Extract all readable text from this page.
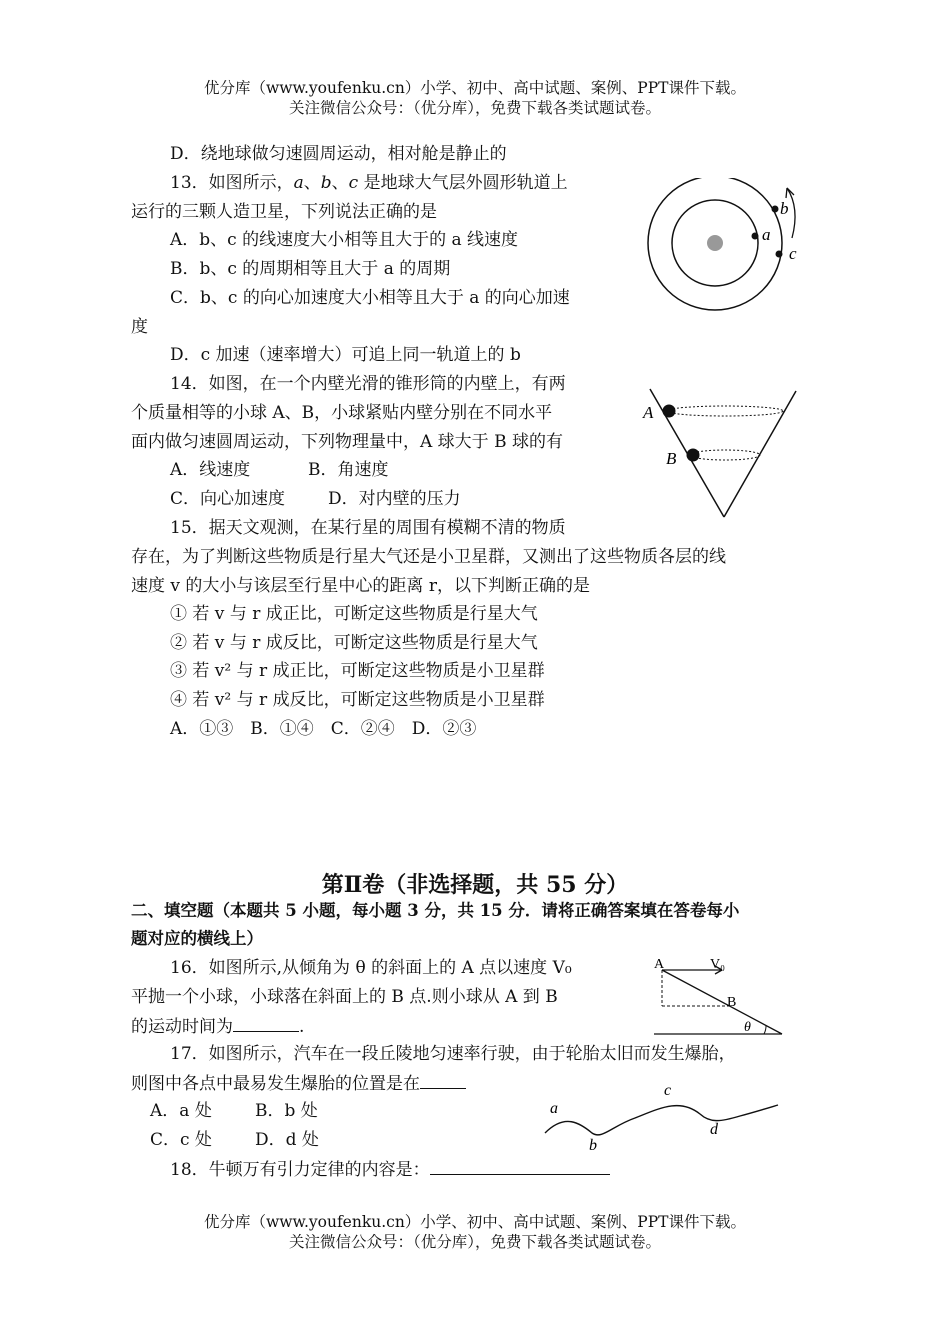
优分库（www.youfenku.cn）小学、初中、高中试题、案例、PPT课件下载。
关注微信公众号：（优分库），免费下载各类试题试卷。
D．绕地球做匀速圆周运动，相对舱是静止的
13．如图所示，a、b、c 是地球大气层外圆形轨道上
运行的三颗人造卫星，下列说法正确的是
A．b、c 的线速度大小相等且大于的 a 线速度
B．b、c 的周期相等且大于 a 的周期
C．b、c 的向心加速度大小相等且大于 a 的向心加速
度
D．c 加速（速率增大）可追上同一轨道上的 b
a
b
c
14．如图，在一个内壁光滑的锥形筒的内壁上，有两
个质量相等的小球 A、B，小球紧贴内壁分别在不同水平
面内做匀速圆周运动，下列物理量中，A 球大于 B 球的有
A．线速度	B．角速度
C．向心加速度	D．对内壁的压力
A
B
15．据天文观测，在某行星的周围有模糊不清的物质
存在，为了判断这些物质是行星大气还是小卫星群，又测出了这些物质各层的线
速度 v 的大小与该层至行星中心的距离 r，以下判断正确的是
① 若 v 与 r 成正比，可断定这些物质是行星大气
② 若 v 与 r 成反比，可断定这些物质是行星大气
③ 若 v² 与 r 成正比，可断定这些物质是小卫星群
④ 若 v² 与 r 成反比，可断定这些物质是小卫星群
A．①③　B．①④　C．②④　D．②③
第Ⅱ卷（非选择题，共 55 分）
二、填空题（本题共 5 小题，每小题 3 分，共 15 分．请将正确答案填在答卷每小
题对应的横线上）
16．如图所示,从倾角为 θ 的斜面上的 A 点以速度 V₀
平抛一个小球，小球落在斜面上的 B 点.则小球从 A 到 B
的运动时间为	.
A	V₀
B
θ
17．如图所示，汽车在一段丘陵地匀速率行驶，由于轮胎太旧而发生爆胎，
则图中各点中最易发生爆胎的位置是在
A．a 处	B．b 处
C．c 处	D．d 处
a
b
c
d
18．牛顿万有引力定律的内容是：
优分库（www.youfenku.cn）小学、初中、高中试题、案例、PPT课件下载。
关注微信公众号：（优分库），免费下载各类试题试卷。
